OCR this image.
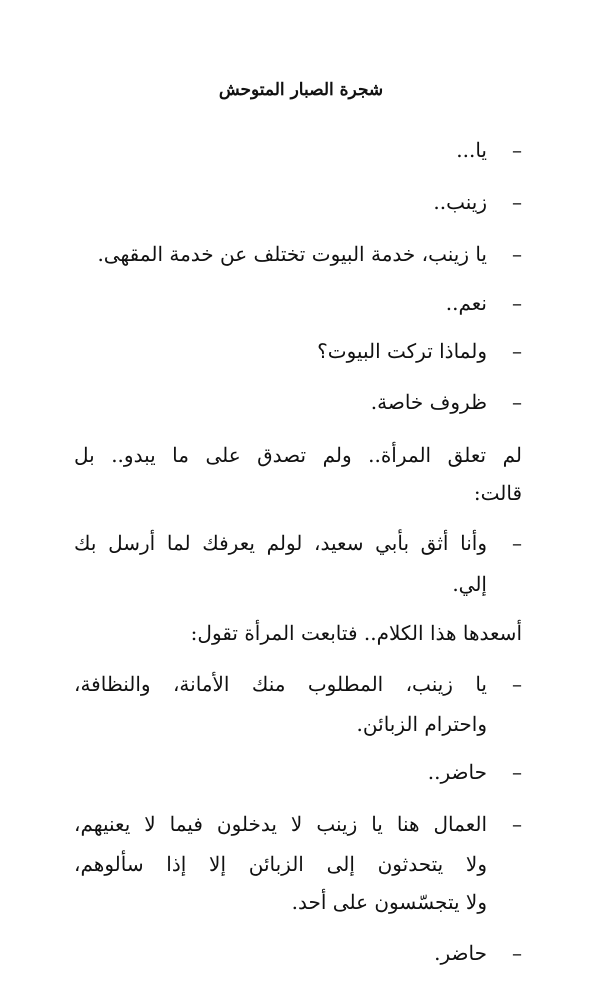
شجرة الصبار المتوحش
–
يا...
–
زينب..
–
يا زينب، خدمة البيوت تختلف عن خدمة المقهى.
–
نعم..
–
ولماذا تركت البيوت؟
–
ظروف خاصة.
لم تعلق المرأة.. ولم تصدق على ما يبدو.. بل
قالت:
–
وأنا أثق بأبي سعيد، لولم يعرفك لما أرسل بك
إلي.
أسعدها هذا الكلام.. فتابعت المرأة تقول:
–
يا زينب، المطلوب منك الأمانة، والنظافة،
واحترام الزبائن.
–
حاضر..
–
العمال هنا يا زينب لا يدخلون فيما لا يعنيهم،
ولا يتحدثون إلى الزبائن إلا إذا سألوهم،
ولا يتجسّسون على أحد.
–
حاضر.
